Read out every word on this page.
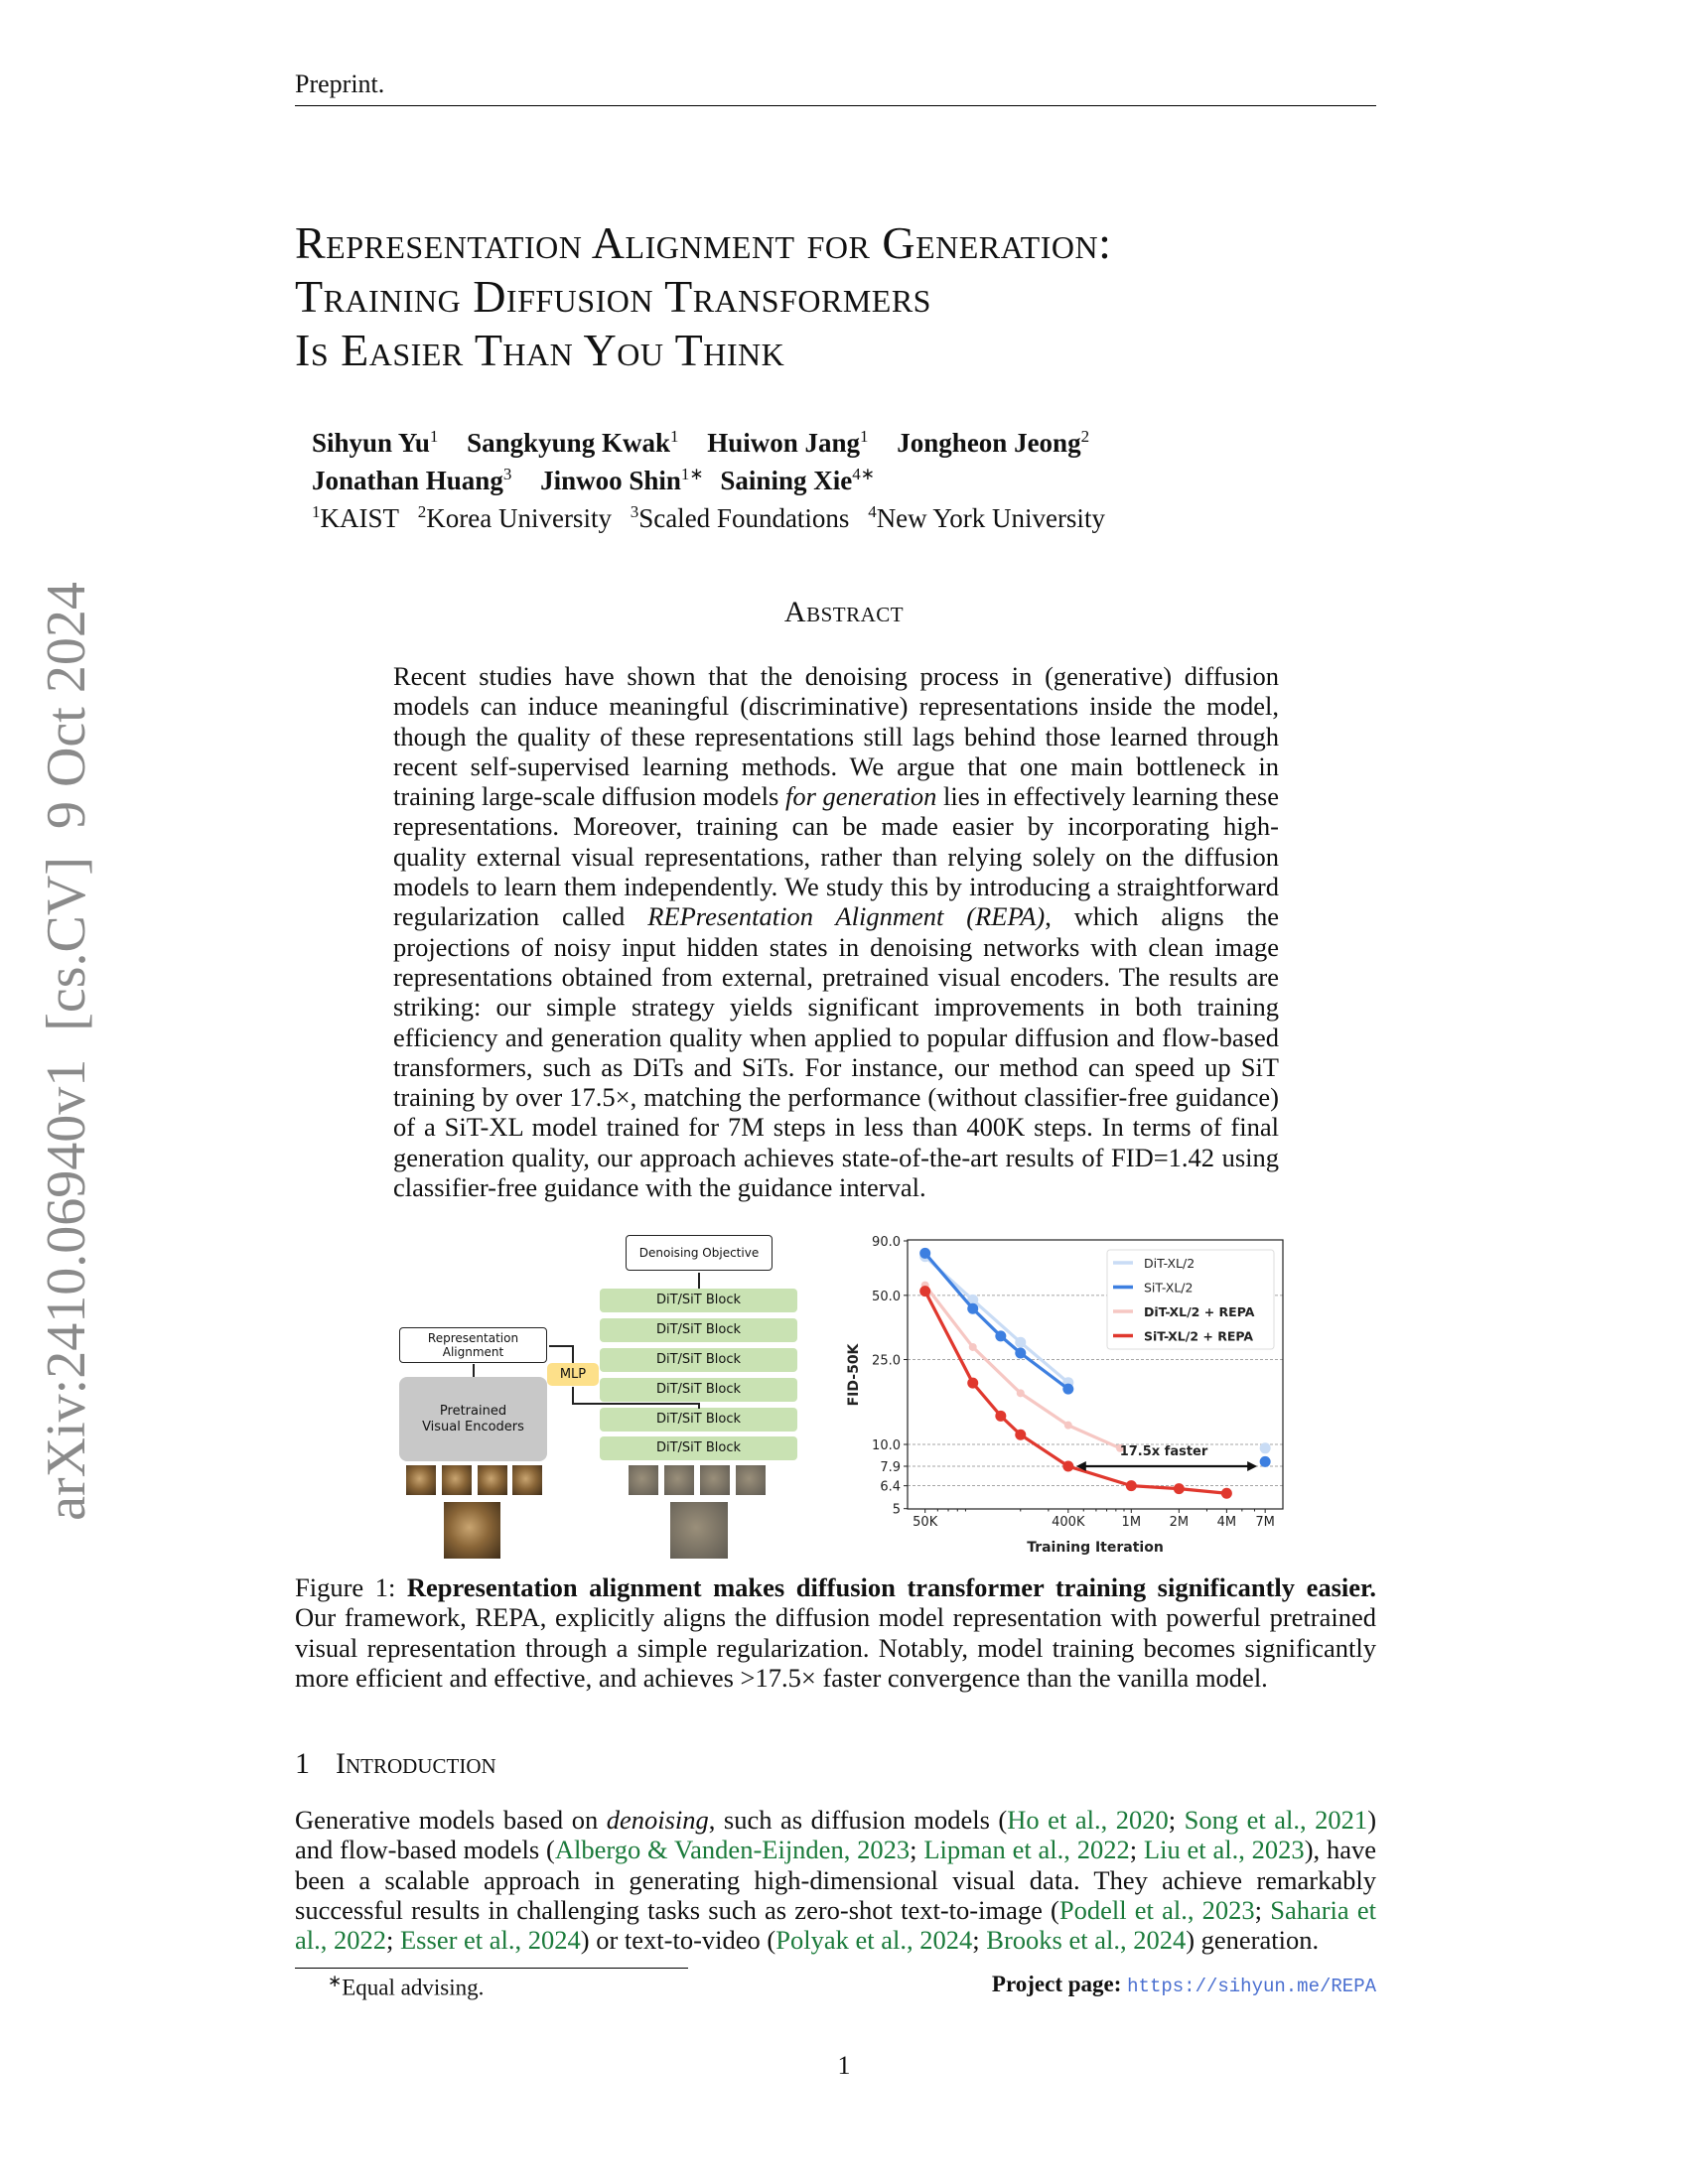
Preprint.
arXiv:2410.06940v1  [cs.CV]  9 Oct 2024
Representation Alignment for Generation:
Training Diffusion Transformers
Is Easier Than You Think
Sihyun Yu$^1$ Sangkyung Kwak$^1$ Huiwon Jang$^1$ Jongheon Jeong$^2$
Jonathan Huang$^3$ Jinwoo Shin$^{1∗}$ Saining Xie$^{4∗}$
$^1$KAIST $^2$Korea University $^3$Scaled Foundations $^4$New York University
Abstract
Recent studies have shown that the denoising process in (generative) diffusion models can induce meaningful (discriminative) representations inside the model, though the quality of these representations still lags behind those learned through recent self-supervised learning methods. We argue that one main bottleneck in training large-scale diffusion models for generation lies in effectively learning these representations. Moreover, training can be made easier by incorporating high-quality external visual representations, rather than relying solely on the diffusion models to learn them independently. We study this by introducing a straightforward regularization called REPresentation Alignment (REPA), which aligns the projections of noisy input hidden states in denoising networks with clean image representations obtained from external, pretrained visual encoders. The results are striking: our simple strategy yields significant improvements in both training efficiency and generation quality when applied to popular diffusion and flow-based transformers, such as DiTs and SiTs. For instance, our method can speed up SiT training by over 17.5×, matching the performance (without classifier-free guidance) of a SiT-XL model trained for 7M steps in less than 400K steps. In terms of final generation quality, our approach achieves state-of-the-art results of FID=1.42 using classifier-free guidance with the guidance interval.
Denoising Objective
DiT/SiT Block
DiT/SiT Block
DiT/SiT Block
DiT/SiT Block
DiT/SiT Block
DiT/SiT Block
Representation Alignment
Pretrained Visual Encoders
MLP
90.0
50.0
25.0
10.0
7.9
6.4
5
50K	400K	1M 2M 4M 7M
Training Iteration
FID-50K
17.5x faster
DiT-XL/2
SiT-XL/2
DiT-XL/2 + REPA
SiT-XL/2 + REPA
Figure 1: Representation alignment makes diffusion transformer training significantly easier. Our framework, REPA, explicitly aligns the diffusion model representation with powerful pretrained visual representation through a simple regularization. Notably, model training becomes significantly more efficient and effective, and achieves >17.5× faster convergence than the vanilla model.
1 Introduction
Generative models based on denoising, such as diffusion models (Ho et al., 2020; Song et al., 2021) and flow-based models (Albergo & Vanden-Eijnden, 2023; Lipman et al., 2022; Liu et al., 2023), have been a scalable approach in generating high-dimensional visual data. They achieve remarkably successful results in challenging tasks such as zero-shot text-to-image (Podell et al., 2023; Saharia et al., 2022; Esser et al., 2024) or text-to-video (Polyak et al., 2024; Brooks et al., 2024) generation.
∗Equal advising.	Project page: https://sihyun.me/REPA
1
